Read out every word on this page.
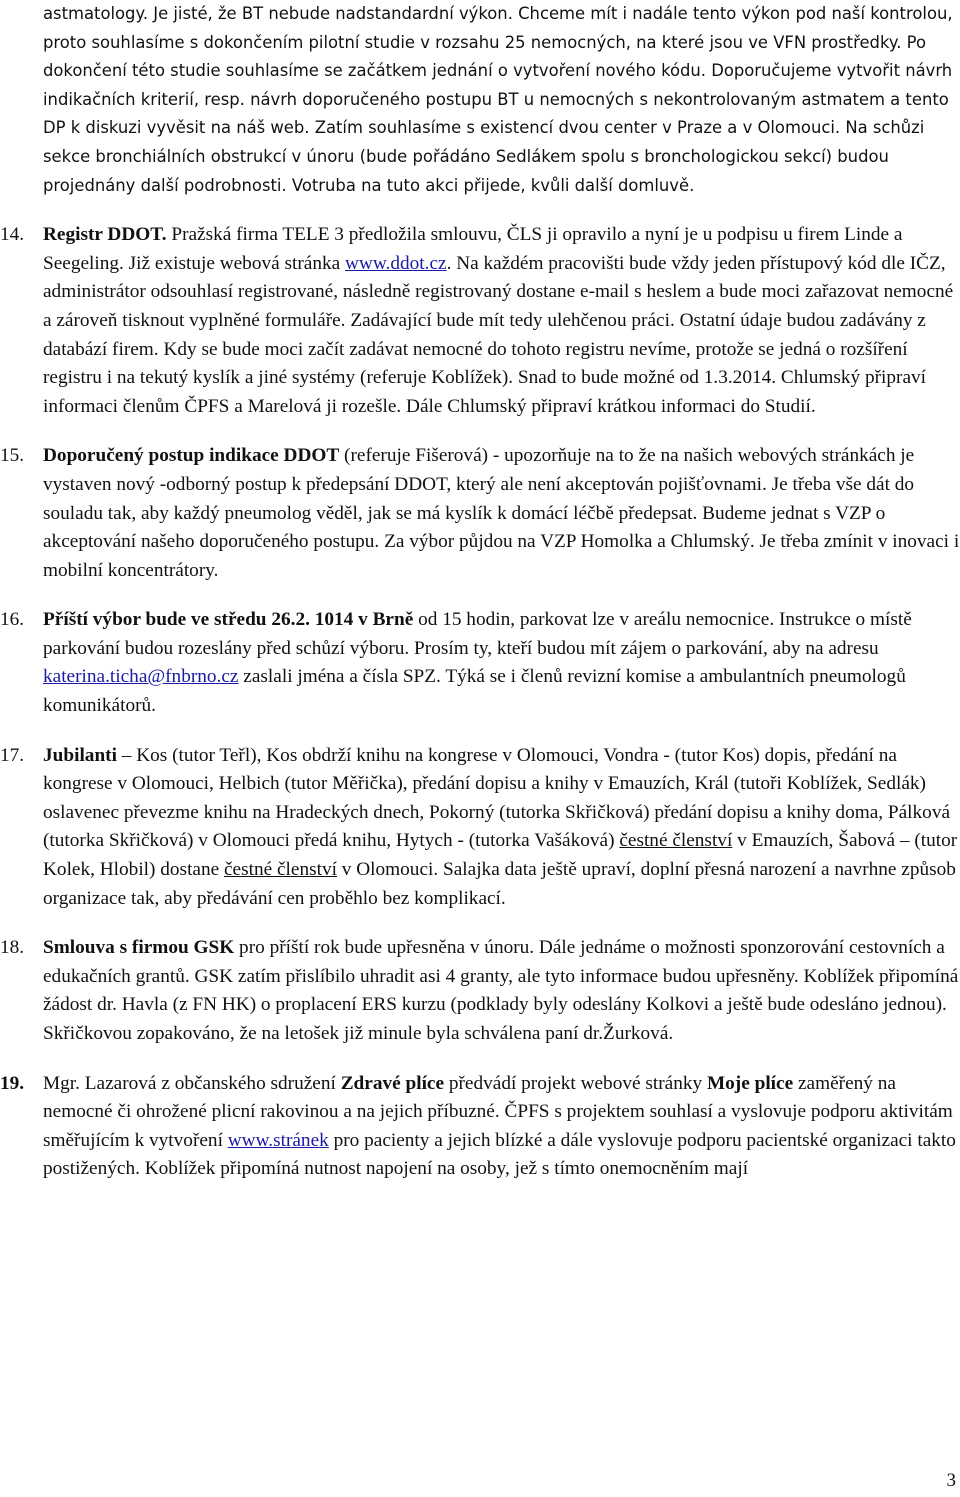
astmatology. Je jisté, že BT nebude nadstandardní výkon. Chceme mít i nadále tento výkon pod naší kontrolou, proto souhlasíme s dokončením pilotní studie v rozsahu 25 nemocných, na které jsou ve VFN prostředky. Po dokončení této studie souhlasíme se začátkem jednání o vytvoření nového kódu. Doporučujeme vytvořit návrh indikačních kriterií, resp. návrh doporučeného postupu BT u nemocných s nekontrolovaným astmatem a tento DP k diskuzi vyvěsit na náš web. Zatím souhlasíme s existencí dvou center v Praze a v Olomouci. Na schůzi sekce bronchiálních obstrukcí v únoru (bude pořádáno Sedlákem spolu s bronchologickou sekcí) budou projednány další podrobnosti. Votruba na tuto akci přijede, kvůli další domluvě.

14. Registr DDOT. Pražská firma TELE 3 předložila smlouvu, ČLS ji opravilo a nyní je u podpisu u firem Linde a Seegeling. Již existuje webová stránka www.ddot.cz. Na každém pracovišti bude vždy jeden přístupový kód dle IČZ, administrátor odsouhlasí registrované, následně registrovaný dostane e-mail s heslem a bude moci zařazovat nemocné a zároveň tisknout vyplněné formuláře. Zadávající bude mít tedy ulehčenou práci. Ostatní údaje budou zadávány z databází firem. Kdy se bude moci začít zadávat nemocné do tohoto registru nevíme, protože se jedná o rozšíření registru i na tekutý kyslík a jiné systémy (referuje Koblížek). Snad to bude možné od 1.3.2014. Chlumský připraví informaci členům ČPFS a Marelová ji rozešle. Dále Chlumský připraví krátkou informaci do Studií.

15. Doporučený postup indikace DDOT (referuje Fišerová) - upozorňuje na to že na našich webových stránkách je vystaven nový -odborný postup k předepsání DDOT, který ale není akceptován pojišťovnami. Je třeba vše dát do souladu tak, aby každý pneumolog věděl, jak se má kyslík k domácí léčbě předepsat. Budeme jednat s VZP o akceptování našeho doporučeného postupu. Za výbor půjdou na VZP Homolka a Chlumský. Je třeba zmínit v inovaci i mobilní koncentrátory.

16. Příští výbor bude ve středu 26.2. 1014 v Brně od 15 hodin, parkovat lze v areálu nemocnice. Instrukce o místě parkování budou rozeslány před schůzí výboru. Prosím ty, kteří budou mít zájem o parkování, aby na adresu katerina.ticha@fnbrno.cz zaslali jména a čísla SPZ. Týká se i členů revizní komise a ambulantních pneumologů komunikátorů.

17. Jubilanti – Kos (tutor Teřl), Kos obdrží knihu na kongrese v Olomouci, Vondra - (tutor Kos) dopis, předání na kongrese v Olomouci, Helbich (tutor Měřička), předání dopisu a knihy v Emauzích, Král (tutoři Koblížek, Sedlák) oslavenec převezme knihu na Hradeckých dnech, Pokorný (tutorka Skřičková) předání dopisu a knihy doma, Pálková (tutorka Skřičková) v Olomouci předá knihu, Hytych - (tutorka Vašáková) čestné členství v Emauzích, Šabová – (tutor Kolek, Hlobil) dostane čestné členství v Olomouci. Salajka data ještě upraví, doplní přesná narození a navrhne způsob organizace tak, aby předávání cen proběhlo bez komplikací.

18. Smlouva s firmou GSK pro příští rok bude upřesněna v únoru. Dále jednáme o možnosti sponzorování cestovních a edukačních grantů. GSK zatím přislíbilo uhradit asi 4 granty, ale tyto informace budou upřesněny. Koblížek připomíná žádost dr. Havla (z FN HK) o proplacení ERS kurzu (podklady byly odeslány Kolkovi a ještě bude odesláno jednou). Skřičkovou zopakováno, že na letošek již minule byla schválena paní dr.Žurková.

19. Mgr. Lazarová z občanského sdružení Zdravé plíce předvádí projekt webové stránky Moje plíce zaměřený na nemocné či ohrožené plicní rakovinou a na jejich příbuzné. ČPFS s projektem souhlasí a vyslovuje podporu aktivitám směřujícím k vytvoření www.stránek pro pacienty a jejich blízké a dále vyslovuje podporu pacientské organizaci takto postižených. Koblížek připomíná nutnost napojení na osoby, jež s tímto onemocněním mají

3
